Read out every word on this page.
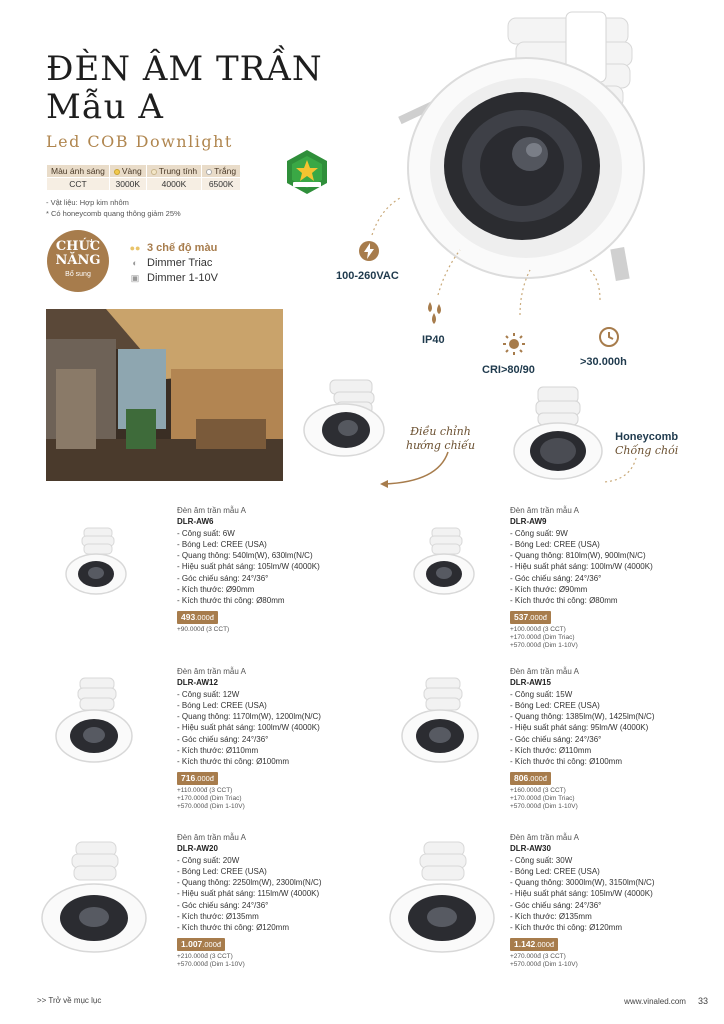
ĐÈN ÂM TRẦN
Mẫu A
Led COB Downlight
Màu ánh sáng	Vàng	Trung tính	Trắng
CCT	3000K	4000K	6500K
- Vật liệu: Hợp kim nhôm
* Có honeycomb quang thông giảm 25%
CHỨC
NĂNG
Bổ sung
●● 3 chế độ màu
◐ Dimmer Triac
▣ Dimmer 1-10V	100-260VAC
IP40
CRI>80/90
>30.000h
Điều chỉnh
hướng chiếu
Honeycomb
Chống chói
Đèn âm trần mẫu A
DLR-AW6
- Công suất: 6W
- Bóng Led: CREE (USA)
- Quang thông: 540lm(W), 630lm(N/C)
- Hiệu suất phát sáng: 105lm/W (4000K)
- Góc chiếu sáng: 24°/36°
- Kích thước: Ø90mm
- Kích thước thi công: Ø80mm
493.000đ
+90.000đ (3 CCT)
Đèn âm trần mẫu A
DLR-AW9
- Công suất: 9W
- Bóng Led: CREE (USA)
- Quang thông: 810lm(W), 900lm(N/C)
- Hiệu suất phát sáng: 100lm/W (4000K)
- Góc chiếu sáng: 24°/36°
- Kích thước: Ø90mm
- Kích thước thi công: Ø80mm
537.000đ
+100.000đ (3 CCT)
+170.000đ (Dim Triac)
+570.000đ (Dim 1-10V)
Đèn âm trần mẫu A
DLR-AW12
- Công suất: 12W
- Bóng Led: CREE (USA)
- Quang thông: 1170lm(W), 1200lm(N/C)
- Hiệu suất phát sáng: 100lm/W (4000K)
- Góc chiếu sáng: 24°/36°
- Kích thước: Ø110mm
- Kích thước thi công: Ø100mm
716.000đ
+110.000đ (3 CCT)
+170.000đ (Dim Triac)
+570.000đ (Dim 1-10V)
Đèn âm trần mẫu A
DLR-AW15
- Công suất: 15W
- Bóng Led: CREE (USA)
- Quang thông: 1385lm(W), 1425lm(N/C)
- Hiệu suất phát sáng: 95lm/W (4000K)
- Góc chiếu sáng: 24°/36°
- Kích thước: Ø110mm
- Kích thước thi công: Ø100mm
806.000đ
+160.000đ (3 CCT)
+170.000đ (Dim Triac)
+570.000đ (Dim 1-10V)
Đèn âm trần mẫu A
DLR-AW20
- Công suất: 20W
- Bóng Led: CREE (USA)
- Quang thông: 2250lm(W), 2300lm(N/C)
- Hiệu suất phát sáng: 115lm/W (4000K)
- Góc chiếu sáng: 24°/36°
- Kích thước: Ø135mm
- Kích thước thi công: Ø120mm
1.007.000đ
+210.000đ (3 CCT)
+570.000đ (Dim 1-10V)
Đèn âm trần mẫu A
DLR-AW30
- Công suất: 30W
- Bóng Led: CREE (USA)
- Quang thông: 3000lm(W), 3150lm(N/C)
- Hiệu suất phát sáng: 105lm/W (4000K)
- Góc chiếu sáng: 24°/36°
- Kích thước: Ø135mm
- Kích thước thi công: Ø120mm
1.142.000đ
+270.000đ (3 CCT)
+570.000đ (Dim 1-10V)
>> Trở về mục lục	www.vinaled.com 33
